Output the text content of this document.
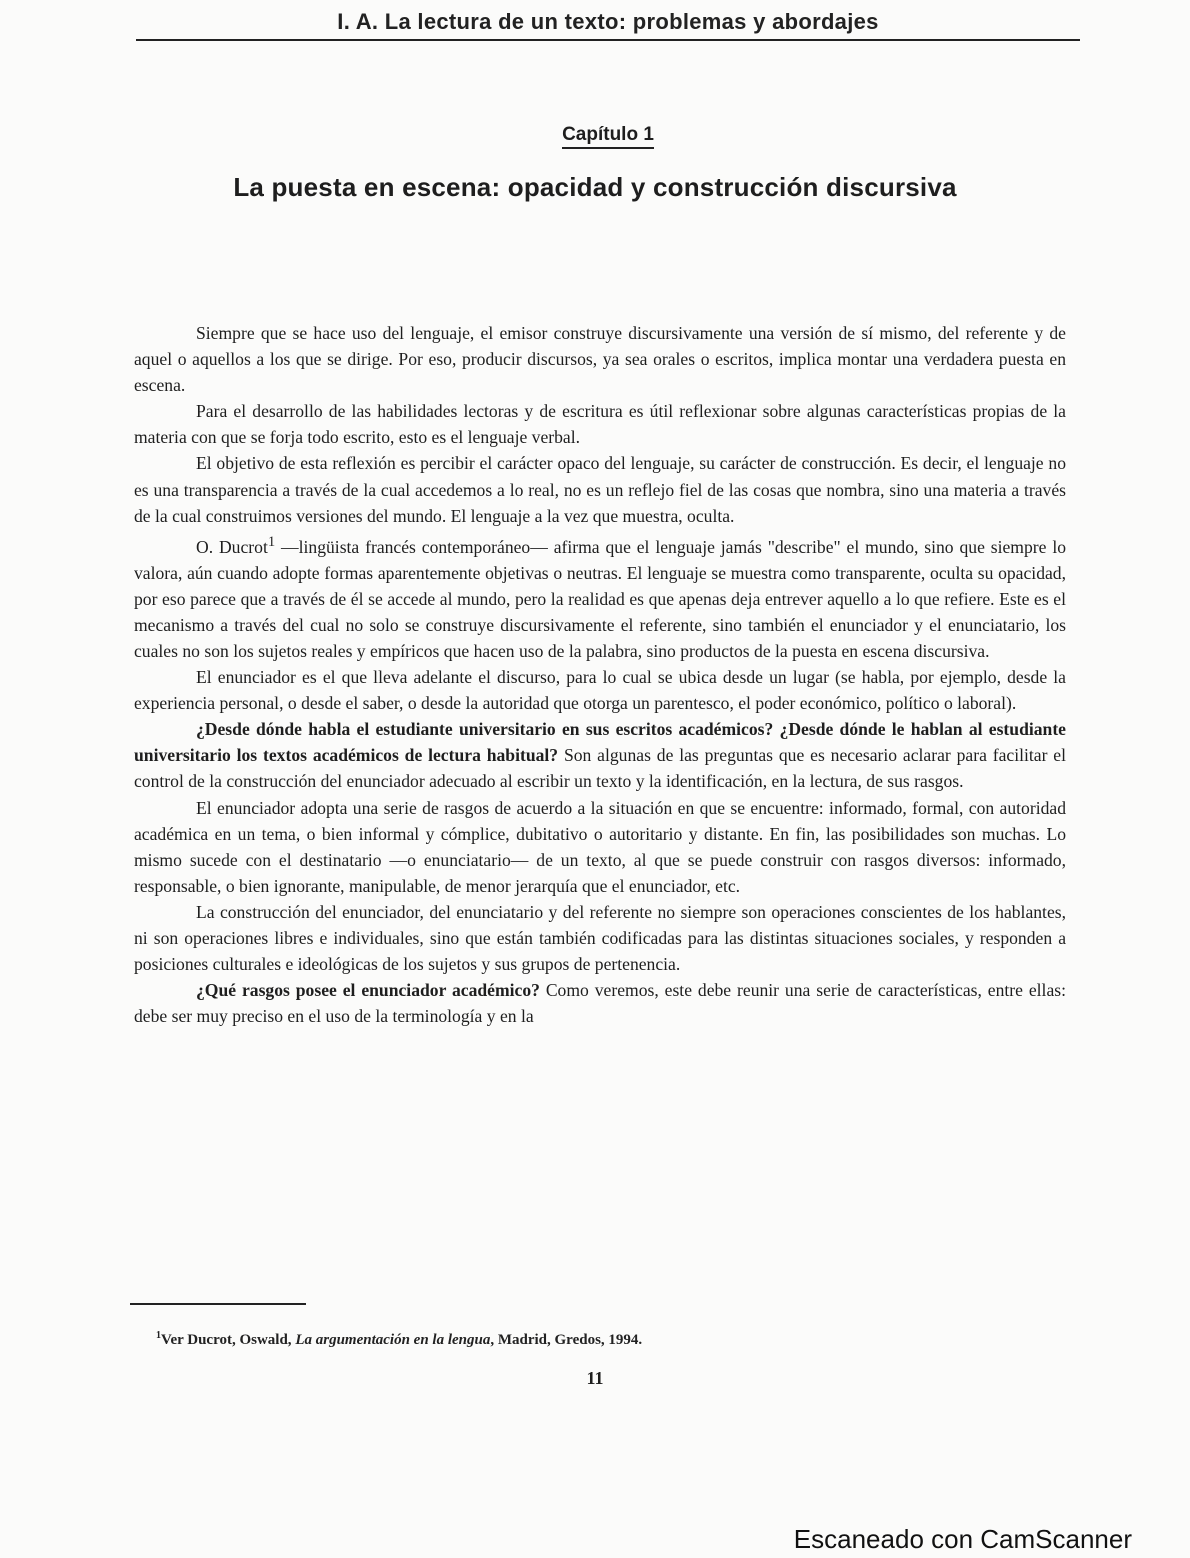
I. A. La lectura de un texto: problemas y abordajes
Capítulo 1
La puesta en escena: opacidad y construcción discursiva

Siempre que se hace uso del lenguaje, el emisor construye discursivamente una versión de sí mismo, del referente y de aquel o aquellos a los que se dirige. Por eso, producir discursos, ya sea orales o escritos, implica montar una verdadera puesta en escena.

Para el desarrollo de las habilidades lectoras y de escritura es útil reflexionar sobre algunas características propias de la materia con que se forja todo escrito, esto es el lenguaje verbal.

El objetivo de esta reflexión es percibir el carácter opaco del lenguaje, su carácter de construcción. Es decir, el lenguaje no es una transparencia a través de la cual accedemos a lo real, no es un reflejo fiel de las cosas que nombra, sino una materia a través de la cual construimos versiones del mundo. El lenguaje a la vez que muestra, oculta.

O. Ducrot$^1$ —lingüista francés contemporáneo— afirma que el lenguaje jamás "describe" el mundo, sino que siempre lo valora, aún cuando adopte formas aparentemente objetivas o neutras. El lenguaje se muestra como transparente, oculta su opacidad, por eso parece que a través de él se accede al mundo, pero la realidad es que apenas deja entrever aquello a lo que refiere. Este es el mecanismo a través del cual no solo se construye discursivamente el referente, sino también el enunciador y el enunciatario, los cuales no son los sujetos reales y empíricos que hacen uso de la palabra, sino productos de la puesta en escena discursiva.

El enunciador es el que lleva adelante el discurso, para lo cual se ubica desde un lugar (se habla, por ejemplo, desde la experiencia personal, o desde el saber, o desde la autoridad que otorga un parentesco, el poder económico, político o laboral).

¿Desde dónde habla el estudiante universitario en sus escritos académicos? ¿Desde dónde le hablan al estudiante universitario los textos académicos de lectura habitual? Son algunas de las preguntas que es necesario aclarar para facilitar el control de la construcción del enunciador adecuado al escribir un texto y la identificación, en la lectura, de sus rasgos.

El enunciador adopta una serie de rasgos de acuerdo a la situación en que se encuentre: informado, formal, con autoridad académica en un tema, o bien informal y cómplice, dubitativo o autoritario y distante. En fin, las posibilidades son muchas. Lo mismo sucede con el destinatario —o enunciatario— de un texto, al que se puede construir con rasgos diversos: informado, responsable, o bien ignorante, manipulable, de menor jerarquía que el enunciador, etc.

La construcción del enunciador, del enunciatario y del referente no siempre son operaciones conscientes de los hablantes, ni son operaciones libres e individuales, sino que están también codificadas para las distintas situaciones sociales, y responden a posiciones culturales e ideológicas de los sujetos y sus grupos de pertenencia.

¿Qué rasgos posee el enunciador académico? Como veremos, este debe reunir una serie de características, entre ellas: debe ser muy preciso en el uso de la terminología y en la

$^1$Ver Ducrot, Oswald, La argumentación en la lengua, Madrid, Gredos, 1994.
11
Escaneado con CamScanner
